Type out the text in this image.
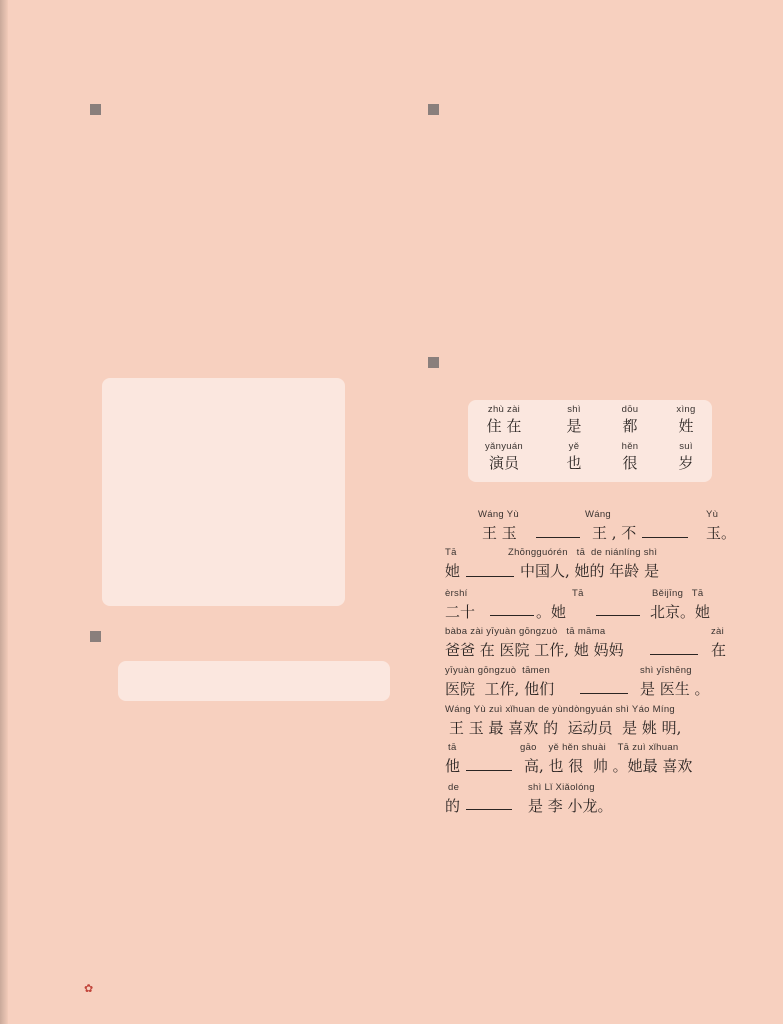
✿
zhù zài
住 在
shì
是
dōu
都
xìng
姓
yǎnyuán
演员
yě
也
hěn
很
suì
岁
Wáng Yù
王 玉
Wáng
王 , 不
Yù
玉。
Tā
她
Zhōngguórén   tā  de niánlíng shì
中国人, 她的 年龄 是
èrshí
二十
Tā
。她
Běijīng   Tā
北京。她
bàba zài yīyuàn gōngzuò   tā māma
爸爸 在 医院 工作, 她 妈妈
zài
在
yīyuàn gōngzuò  tāmen
医院  工作, 他们
shì yīshēng
是 医生 。
Wáng Yù zuì xǐhuan de yùndòngyuán shì Yáo Míng
王 玉 最 喜欢 的  运动员  是 姚 明,
tā
他
gāo    yě hěn shuài    Tā zuì xǐhuan
高, 也 很  帅 。她最 喜欢
de
的
shì Lǐ Xiǎolóng
是 李 小龙。
